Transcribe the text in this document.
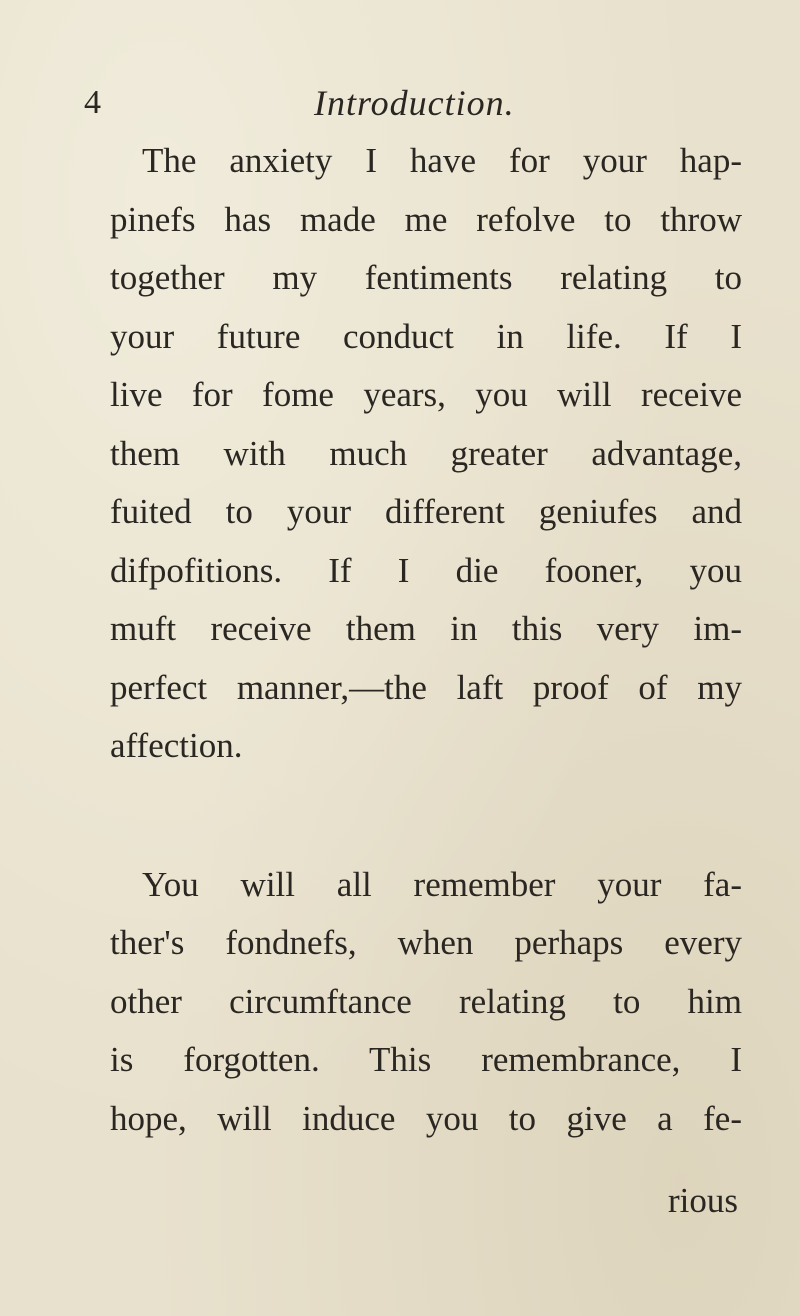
4	Introduction.
The anxiety I have for your hap-
pinefs has made me refolve to throw
together my fentiments relating to
your future conduct in life. If I
live for fome years, you will receive
them with much greater advantage,
fuited to your different geniufes and
difpofitions. If I die fooner, you
muft receive them in this very im-
perfect manner,—the laft proof of my
affection.
You will all remember your fa-
ther's fondnefs, when perhaps every
other circumftance relating to him
is forgotten. This remembrance, I
hope, will induce you to give a fe-
rious
